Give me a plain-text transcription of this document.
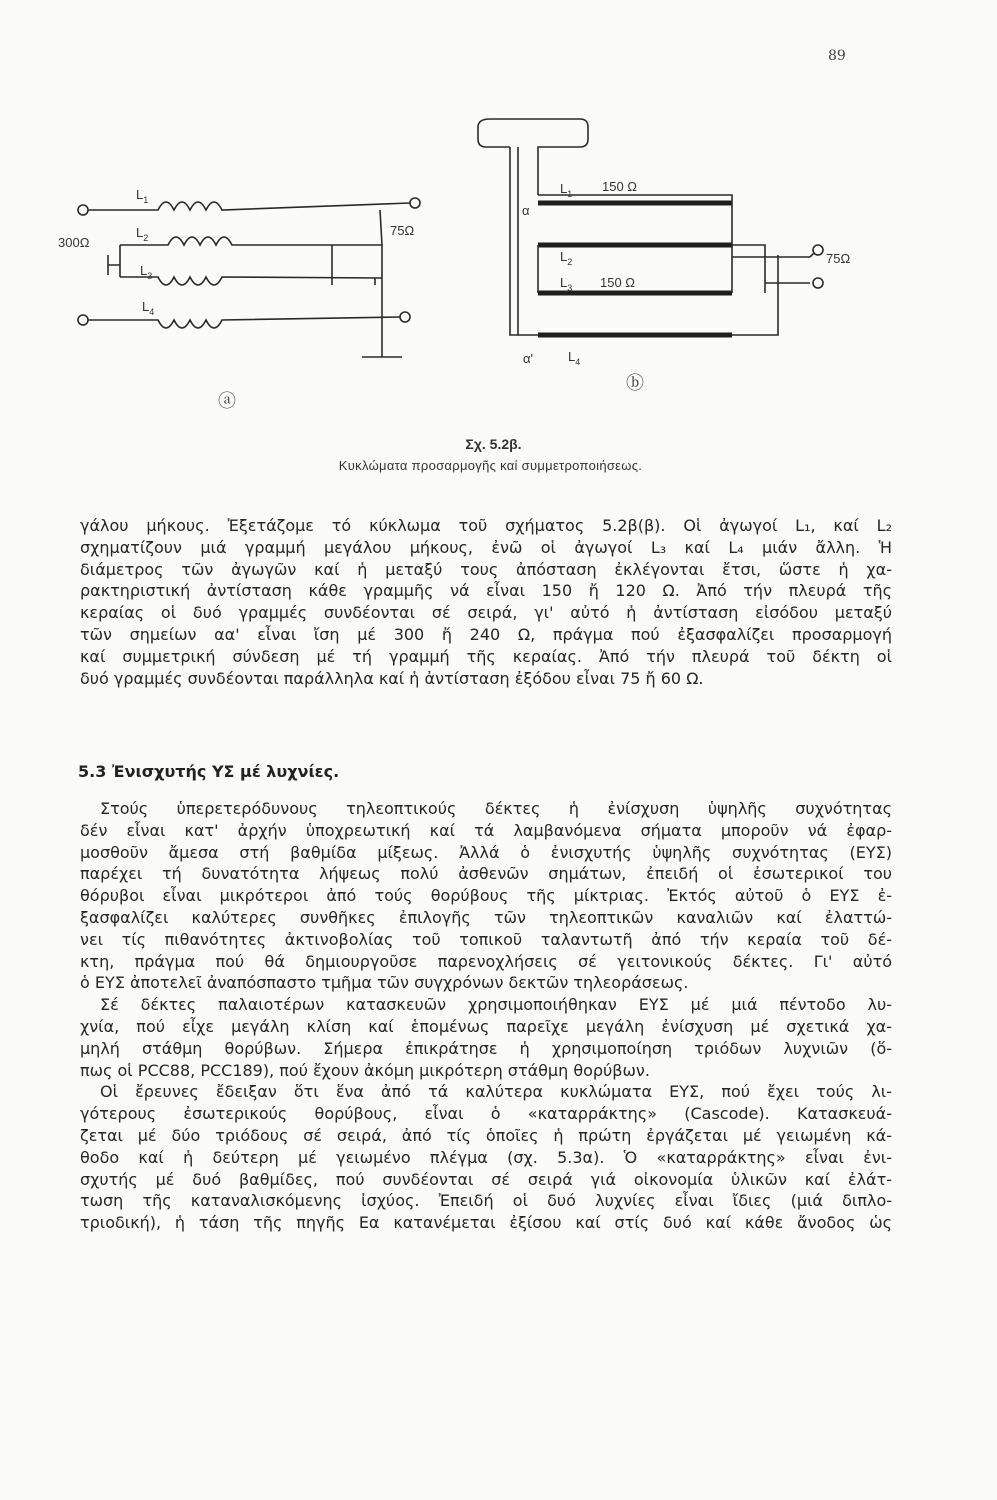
89
$L_1$
$L_2$
$L_3$
$L_4$
300Ω
75Ω
ⓐ
α
α'
$L_1$
$L_2$
$L_3$
$L_4$
150 Ω
150 Ω
75Ω
ⓑ
Σχ. 5.2β.
Κυκλώματα προσαρμογῆς καί συμμετροποιήσεως.

γάλου μήκους. Ἐξετάζομε τό κύκλωμα τοῦ σχήματος 5.2β(β). Οἱ ἀγωγοί L₁, καί L₂

σχηματίζουν μιά γραμμή μεγάλου μήκους, ἐνῶ οἱ ἀγωγοί L₃ καί L₄ μιάν ἄλλη. Ἡ

διάμετρος τῶν ἀγωγῶν καί ἡ μεταξύ τους ἀπόσταση ἐκλέγονται ἔτσι, ὥστε ἡ χα-

ρακτηριστική ἀντίσταση κάθε γραμμῆς νά εἶναι 150 ἤ 120 Ω. Ἀπό τήν πλευρά τῆς

κεραίας οἱ δυό γραμμές συνδέονται σέ σειρά, γι' αὐτό ἡ ἀντίσταση εἰσόδου μεταξύ

τῶν σημείων αα' εἶναι ἴση μέ 300 ἤ 240 Ω, πράγμα πού ἐξασφαλίζει προσαρμογή

καί συμμετρική σύνδεση μέ τή γραμμή τῆς κεραίας. Ἀπό τήν πλευρά τοῦ δέκτη οἱ

δυό γραμμές συνδέονται παράλληλα καί ἡ ἀντίσταση ἐξόδου εἶναι 75 ἤ 60 Ω.

5.3 Ἐνισχυτής ΥΣ μέ λυχνίες.

Στούς ὑπερετερόδυνους τηλεοπτικούς δέκτες ἡ ἐνίσχυση ὑψηλῆς συχνότητας

δέν εἶναι κατ' ἀρχήν ὑποχρεωτική καί τά λαμβανόμενα σήματα μποροῦν νά ἐφαρ-

μοσθοῦν ἄμεσα στή βαθμίδα μίξεως. Ἀλλά ὁ ἐνισχυτής ὑψηλῆς συχνότητας (ΕΥΣ)

παρέχει τή δυνατότητα λήψεως πολύ ἀσθενῶν σημάτων, ἐπειδή οἱ ἐσωτερικοί του

θόρυβοι εἶναι μικρότεροι ἀπό τούς θορύβους τῆς μίκτριας. Ἐκτός αὐτοῦ ὁ ΕΥΣ ἐ-

ξασφαλίζει καλύτερες συνθῆκες ἐπιλογῆς τῶν τηλεοπτικῶν καναλιῶν καί ἐλαττώ-

νει τίς πιθανότητες ἀκτινοβολίας τοῦ τοπικοῦ ταλαντωτῆ ἀπό τήν κεραία τοῦ δέ-

κτη, πράγμα πού θά δημιουργοῦσε παρενοχλήσεις σέ γειτονικούς δέκτες. Γι' αὐτό

ὁ ΕΥΣ ἀποτελεῖ ἀναπόσπαστο τμῆμα τῶν συγχρόνων δεκτῶν τηλεοράσεως.

Σέ δέκτες παλαιοτέρων κατασκευῶν χρησιμοποιήθηκαν ΕΥΣ μέ μιά πέντοδο λυ-

χνία, πού εἶχε μεγάλη κλίση καί ἑπομένως παρεῖχε μεγάλη ἐνίσχυση μέ σχετικά χα-

μηλή στάθμη θορύβων. Σήμερα ἐπικράτησε ἡ χρησιμοποίηση τριόδων λυχνιῶν (ὅ-

πως οἱ PCC88, PCC189), πού ἔχουν ἀκόμη μικρότερη στάθμη θορύβων.

Οἱ ἔρευνες ἔδειξαν ὅτι ἕνα ἀπό τά καλύτερα κυκλώματα ΕΥΣ, πού ἔχει τούς λι-

γότερους ἐσωτερικούς θορύβους, εἶναι ὁ «καταρράκτης» (Cascode). Κατασκευά-

ζεται μέ δύο τριόδους σέ σειρά, ἀπό τίς ὁποῖες ἡ πρώτη ἐργάζεται μέ γειωμένη κά-

θοδο καί ἡ δεύτερη μέ γειωμένο πλέγμα (σχ. 5.3α). Ὁ «καταρράκτης» εἶναι ἐνι-

σχυτής μέ δυό βαθμίδες, πού συνδέονται σέ σειρά γιά οἰκονομία ὑλικῶν καί ἐλάτ-

τωση τῆς καταναλισκόμενης ἰσχύος. Ἐπειδή οἱ δυό λυχνίες εἶναι ἴδιες (μιά διπλο-

τριοδική), ἡ τάση τῆς πηγῆς Eα κατανέμεται ἐξίσου καί στίς δυό καί κάθε ἄνοδος ὡς
